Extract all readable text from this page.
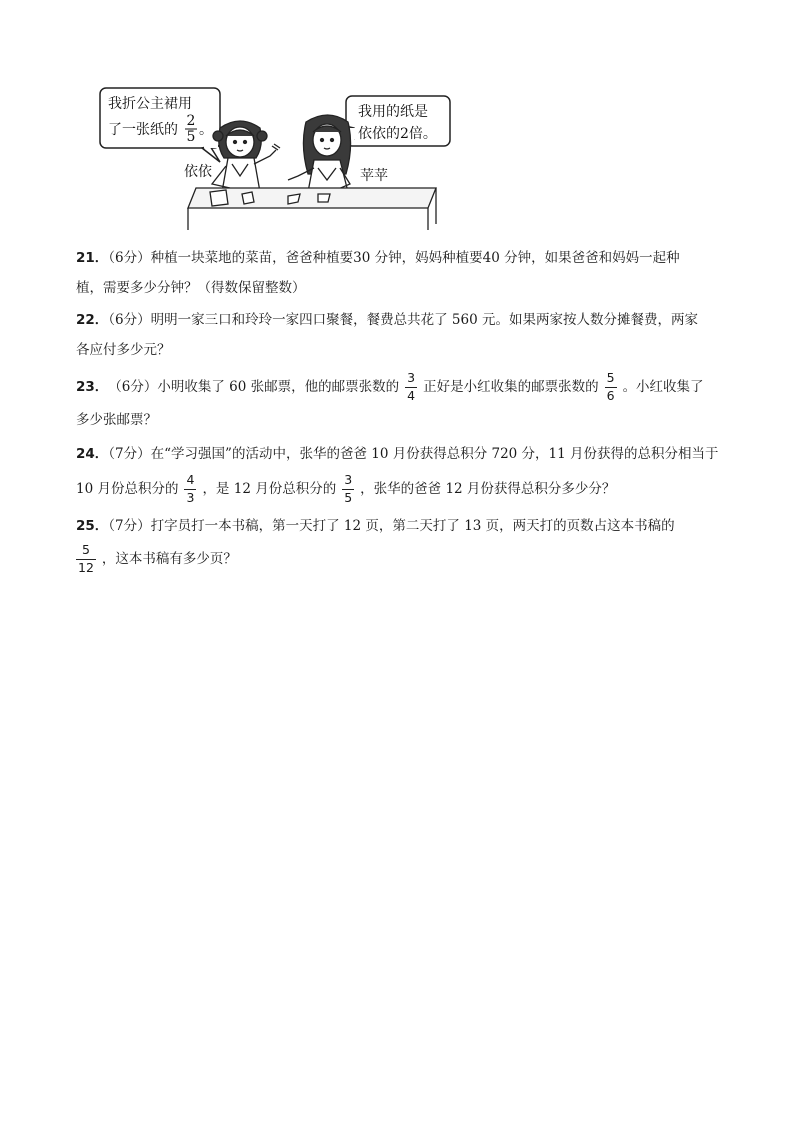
我折公主裙用
了一张纸的
2
5 。
我用的纸是
依依的2倍。
依依	苹苹
21．（6分）种植一块菜地的菜苗，爸爸种植要30 分钟，妈妈种植要40 分钟，如果爸爸和妈妈一起种
植，需要多少分钟？（得数保留整数）
22．（6分）明明一家三口和玲玲一家四口聚餐，餐费总共花了 560 元。如果两家按人数分摊餐费，两家
各应付多少元？
23． （6分） 小明收集了 60 张邮票，他的邮票张数的 $\frac{3}{4}$ 正好是小红收集的邮票张数的 $\frac{5}{6}$ 。小红收集了
多少张邮票？
24．（7分）在“学习强国”的活动中，张华的爸爸 10 月份获得总积分 720 分，11 月份获得的总积分相当于
10 月份总积分的 $\frac{4}{3}$ ，是 12 月份总积分的 $\frac{3}{5}$ ，张华的爸爸 12 月份获得总积分多少分？
25．（7分）打字员打一本书稿，第一天打了 12 页，第二天打了 13 页，两天打的页数占这本书稿的
$\frac{5}{12}$ ，这本书稿有多少页？
